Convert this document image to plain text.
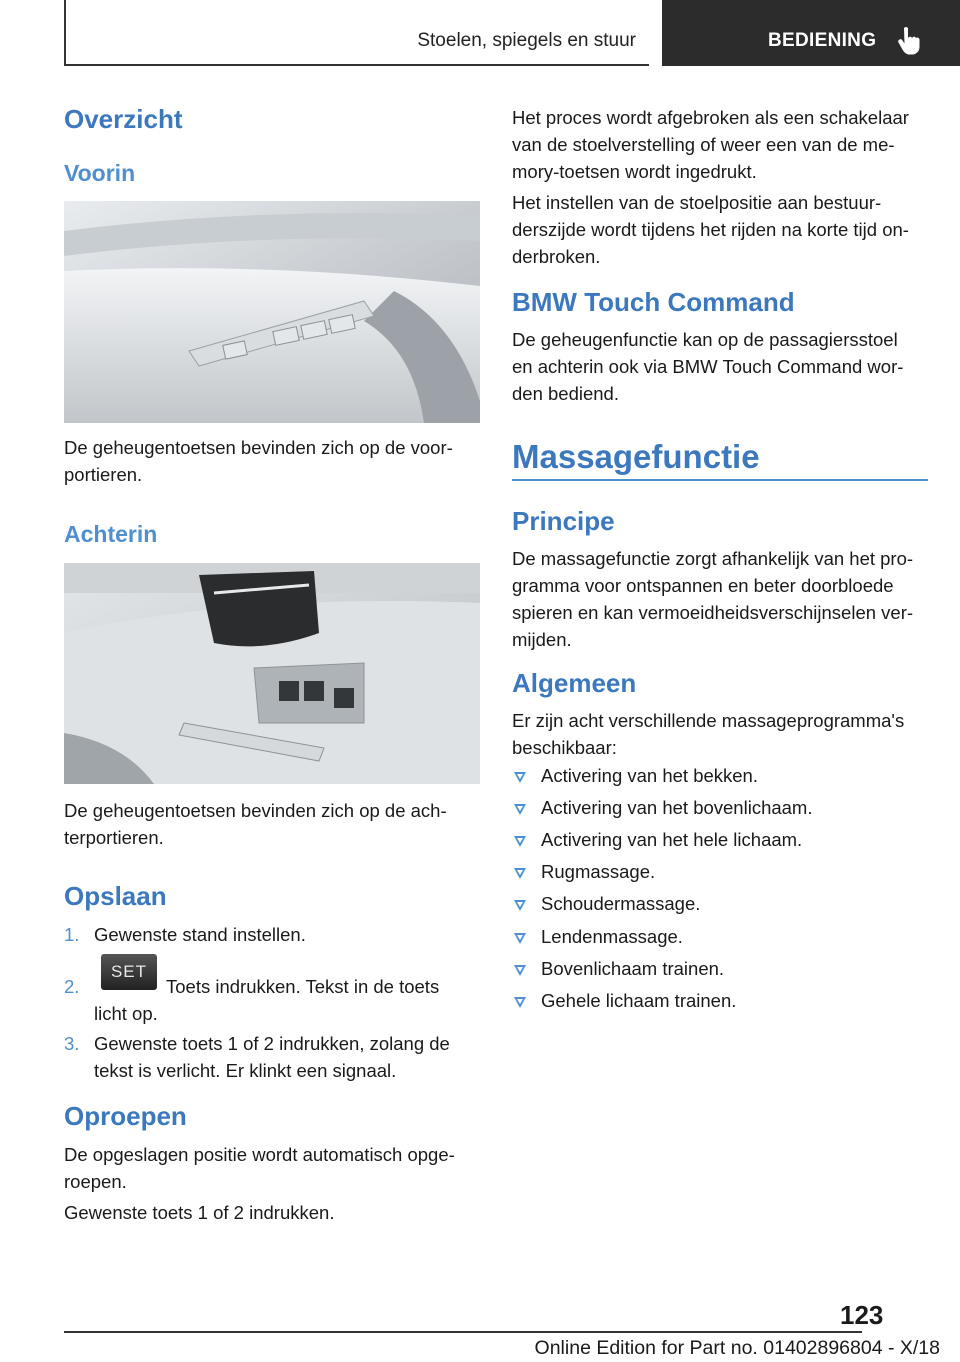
Stoelen, spiegels en stuur	BEDIENING
Overzicht
Voorin

De geheugentoetsen bevinden zich op de voor-

portieren.

Achterin

De geheugentoetsen bevinden zich op de ach-

terportieren.

Opslaan
1. Gewenste stand instellen.
2.
SET
Toets indrukken. Tekst in de toets
licht op.
3. Gewenste toets 1 of 2 indrukken, zolang de
tekst is verlicht. Er klinkt een signaal.
Oproepen

De opgeslagen positie wordt automatisch opge-

roepen.

Gewenste toets 1 of 2 indrukken.

Het proces wordt afgebroken als een schakelaar

van de stoelverstelling of weer een van de me-

mory-toetsen wordt ingedrukt.

Het instellen van de stoelpositie aan bestuur-

derszijde wordt tijdens het rijden na korte tijd on-

derbroken.

BMW Touch Command

De geheugenfunctie kan op de passagiersstoel

en achterin ook via BMW Touch Command wor-

den bediend.

Massagefunctie
Principe

De massagefunctie zorgt afhankelijk van het pro-

gramma voor ontspannen en beter doorbloede

spieren en kan vermoeidheidsverschijnselen ver-

mijden.

Algemeen

Er zijn acht verschillende massageprogramma's

beschikbaar:

Activering van het bekken.
Activering van het bovenlichaam.
Activering van het hele lichaam.
Rugmassage.
Schoudermassage.
Lendenmassage.
Bovenlichaam trainen.
Gehele lichaam trainen.
123
Online Edition for Part no. 01402896804 - X/18
